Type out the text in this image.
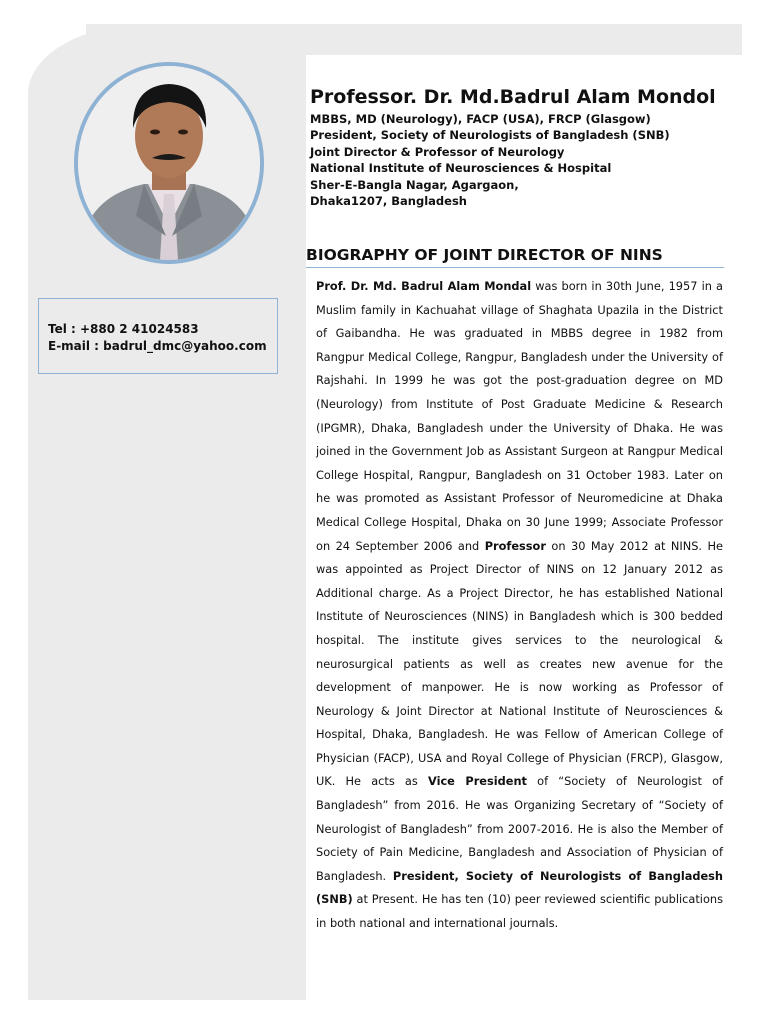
Tel : +880 2 41024583
E-mail : badrul_dmc@yahoo.com
Professor. Dr. Md.Badrul Alam Mondol
MBBS, MD (Neurology), FACP (USA), FRCP (Glasgow)
President, Society of Neurologists of Bangladesh (SNB)
Joint Director & Professor of Neurology
National Institute of Neurosciences & Hospital
Sher-E-Bangla Nagar, Agargaon,
Dhaka1207, Bangladesh
BIOGRAPHY OF JOINT DIRECTOR OF NINS

Prof. Dr. Md. Badrul Alam Mondal was born in 30th June, 1957 in a Muslim family in Kachuahat village of Shaghata Upazila in the District of Gaibandha. He was graduated in MBBS degree in 1982 from Rangpur Medical College, Rangpur, Bangladesh under the University of Rajshahi. In 1999 he was got the post-graduation degree on MD (Neurology) from Institute of Post Graduate Medicine & Research (IPGMR), Dhaka, Bangladesh under the University of Dhaka. He was joined in the Government Job as Assistant Surgeon at Rangpur Medical College Hospital, Rangpur, Bangladesh on 31 October 1983. Later on he was promoted as Assistant Professor of Neuromedicine at Dhaka Medical College Hospital, Dhaka on 30 June 1999; Associate Professor on 24 September 2006 and Professor on 30 May 2012 at NINS. He was appointed as Project Director of NINS on 12 January 2012 as Additional charge. As a Project Director, he has established National Institute of Neurosciences (NINS) in Bangladesh which is 300 bedded hospital. The institute gives services to the neurological & neurosurgical patients as well as creates new avenue for the development of manpower. He is now working as Professor of Neurology & Joint Director at National Institute of Neurosciences & Hospital, Dhaka, Bangladesh. He was Fellow of American College of Physician (FACP), USA and Royal College of Physician (FRCP), Glasgow, UK. He acts as Vice President of “Society of Neurologist of Bangladesh” from 2016. He was Organizing Secretary of “Society of Neurologist of Bangladesh” from 2007-2016. He is also the Member of Society of Pain Medicine, Bangladesh and Association of Physician of Bangladesh. President, Society of Neurologists of Bangladesh (SNB) at Present. He has ten (10) peer reviewed scientific publications in both national and international journals.
